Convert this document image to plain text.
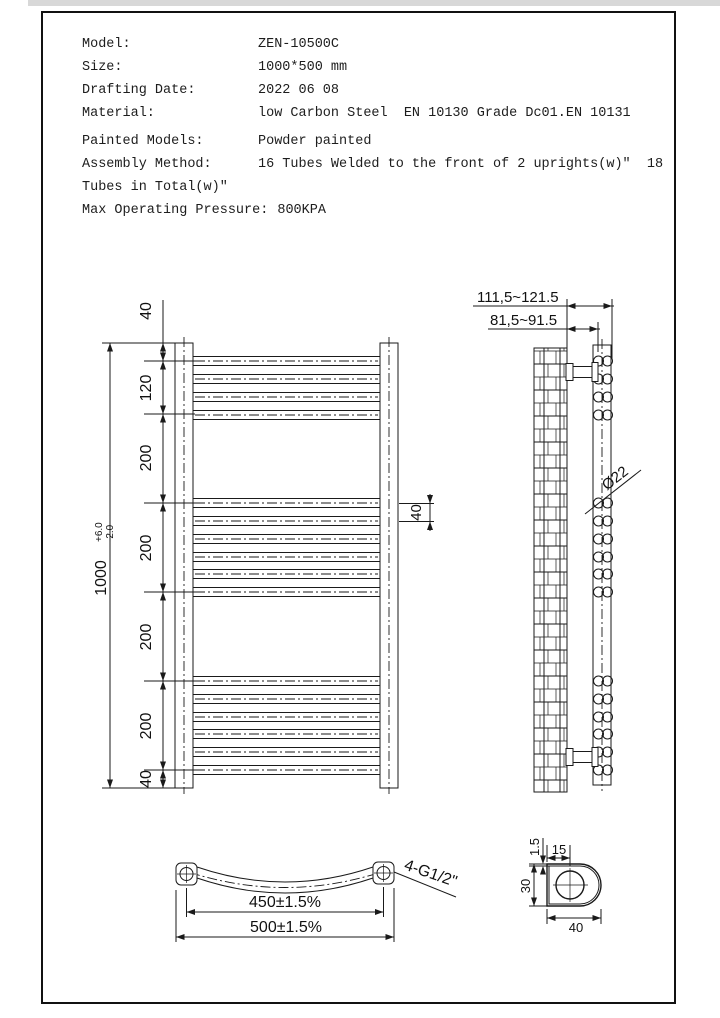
Model:	ZEN-10500C
Size:	1000*500 mm
Drafting Date:	2022 06 08
Material:	low Carbon Steel  EN 10130 Grade Dc01.EN 10131
Painted Models:	Powder painted
Assembly Method:	16 Tubes Welded to the front of 2 uprights(w)"  18
Tubes in Total(w)"
Max Operating Pressure: 800KPA
1000
+6.0 -2.0
40
120
200
200
200
200
40
40
111,5~121.5
81,5~91.5
Ø22
450±1.5%
500±1.5%
4-G1/2"
15
1.5
30
40
